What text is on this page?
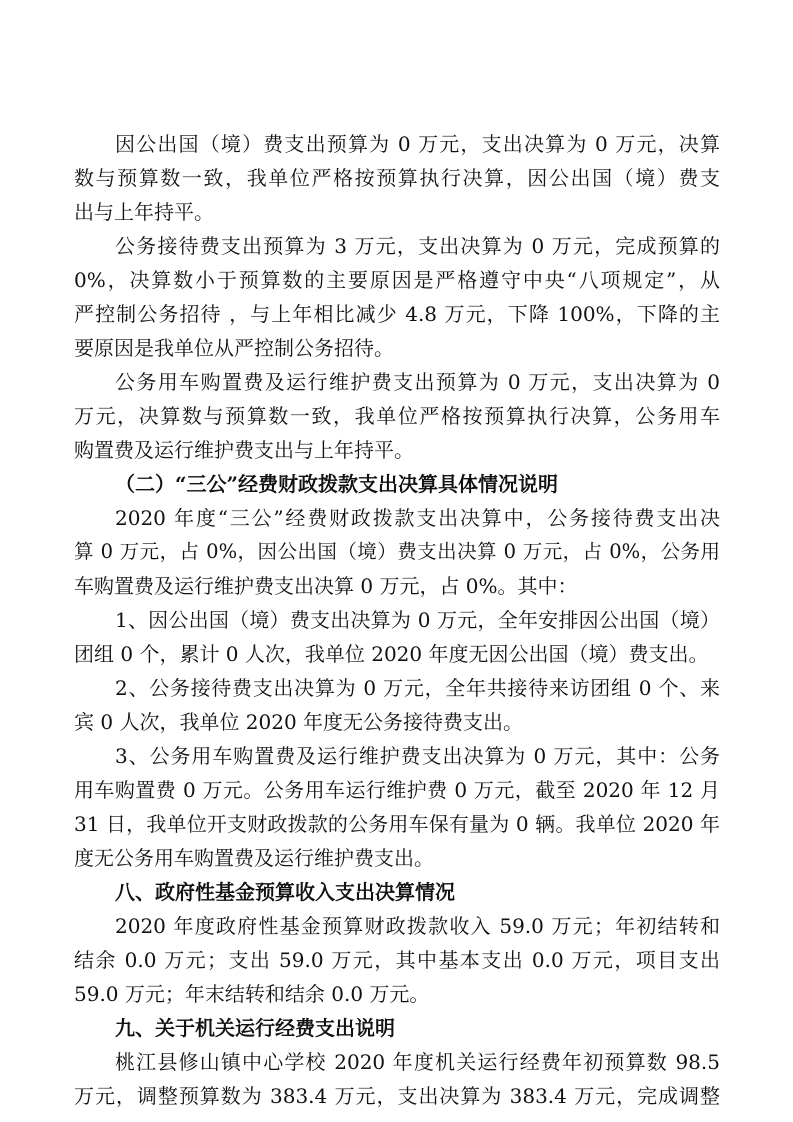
因公出国（境）费支出预算为 0 万元，支出决算为 0 万元，决算
数与预算数一致，我单位严格按预算执行决算，因公出国（境）费支
出与上年持平。
公务接待费支出预算为 3 万元，支出决算为 0 万元，完成预算的
0%，决算数小于预算数的主要原因是严格遵守中央“八项规定”，从
严控制公务招待 ，与上年相比减少 4.8 万元，下降 100%，下降的主
要原因是我单位从严控制公务招待。
公务用车购置费及运行维护费支出预算为 0 万元，支出决算为 0
万元，决算数与预算数一致，我单位严格按预算执行决算，公务用车
购置费及运行维护费支出与上年持平。
（二）“三公”经费财政拨款支出决算具体情况说明
2020 年度“三公”经费财政拨款支出决算中，公务接待费支出决
算 0 万元，占 0%，因公出国（境）费支出决算 0 万元，占 0%，公务用
车购置费及运行维护费支出决算 0 万元，占 0%。其中：
1、因公出国（境）费支出决算为 0 万元，全年安排因公出国（境）
团组 0 个，累计 0 人次，我单位 2020 年度无因公出国（境）费支出。
2、公务接待费支出决算为 0 万元，全年共接待来访团组 0 个、来
宾 0 人次，我单位 2020 年度无公务接待费支出。
3、公务用车购置费及运行维护费支出决算为 0 万元，其中：公务
用车购置费 0 万元。公务用车运行维护费 0 万元，截至 2020 年 12 月
31 日，我单位开支财政拨款的公务用车保有量为 0 辆。我单位 2020 年
度无公务用车购置费及运行维护费支出。
八、政府性基金预算收入支出决算情况
2020 年度政府性基金预算财政拨款收入 59.0 万元；年初结转和
结余 0.0 万元；支出 59.0 万元，其中基本支出 0.0 万元，项目支出
59.0 万元；年末结转和结余 0.0 万元。
九、关于机关运行经费支出说明
桃江县修山镇中心学校 2020 年度机关运行经费年初预算数 98.5
万元，调整预算数为 383.4 万元，支出决算为 383.4 万元，完成调整
